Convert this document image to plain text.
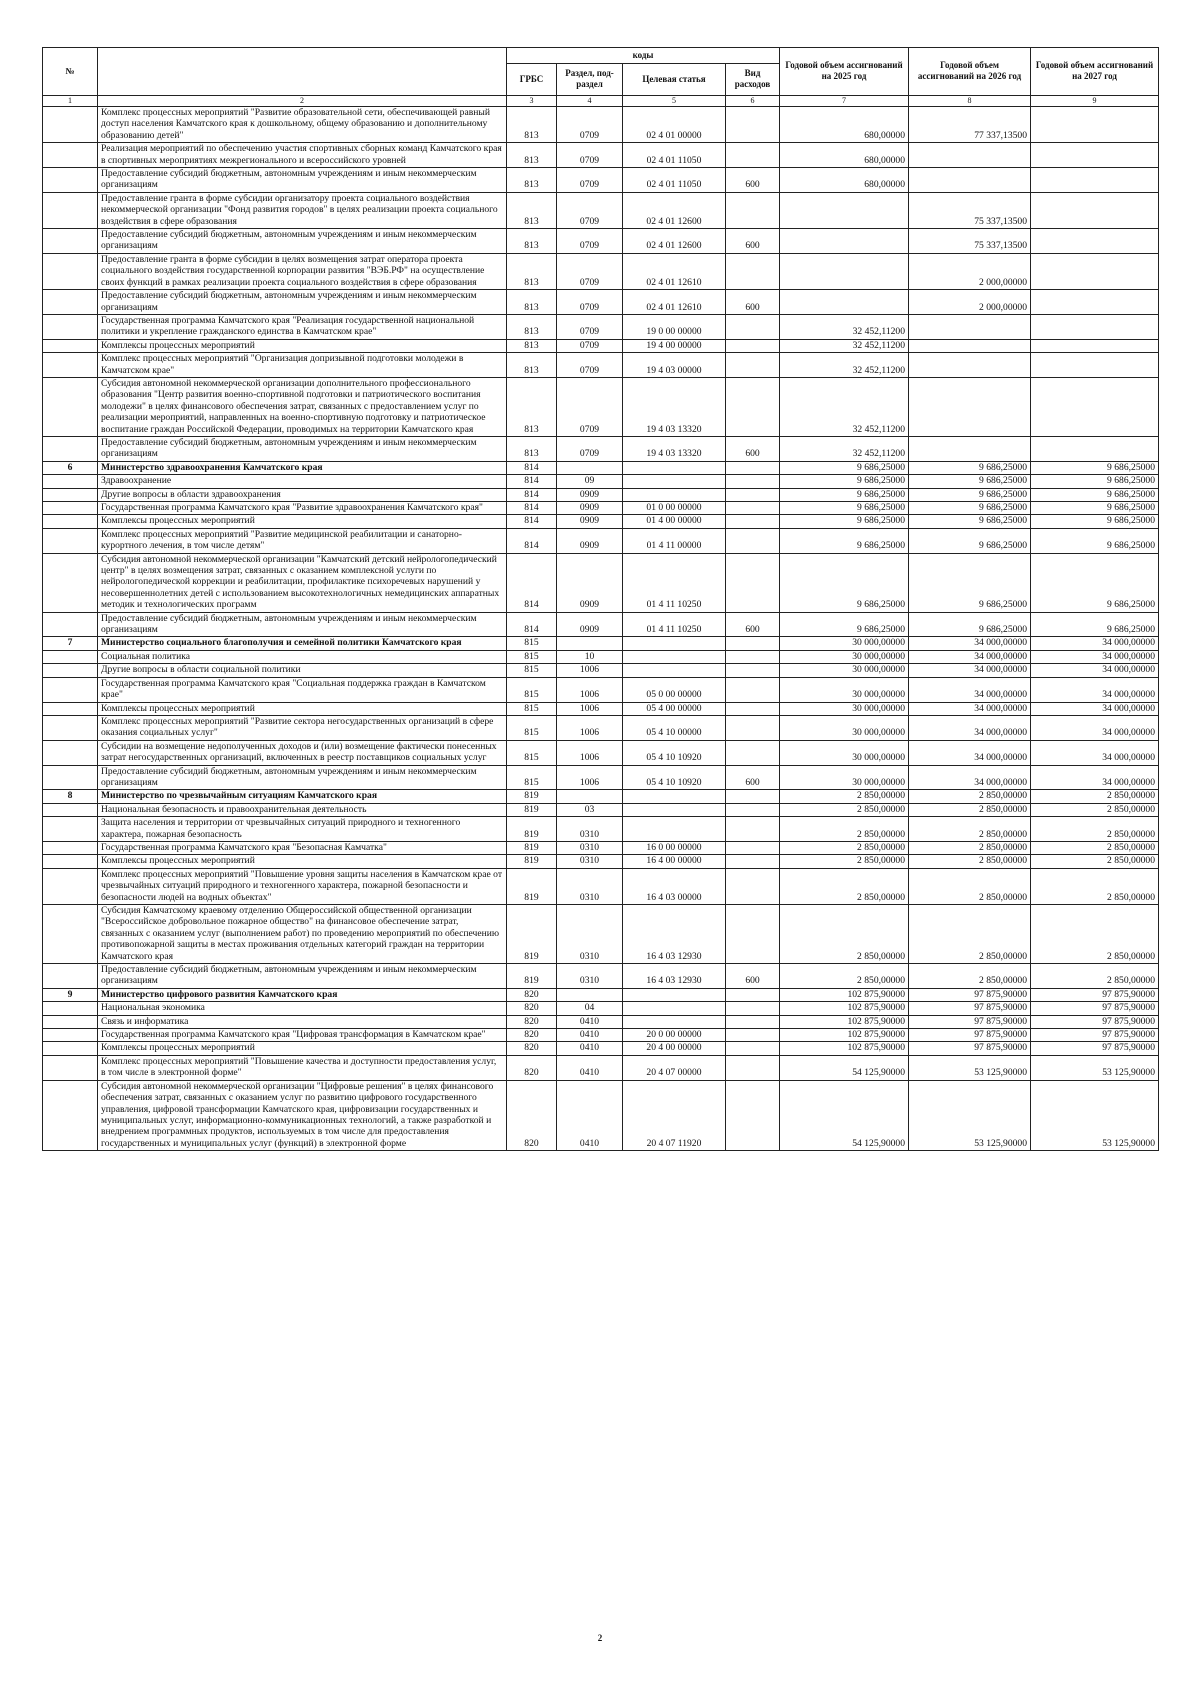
№		коды				Годовой объем ассигнований на 2025 год	Годовой объем ассигнований на 2026 год	Годовой объем ассигнований на 2027 год
		ГРБС	Раздел, под-раздел	Целевая статья	Вид расходов			
1	2	3	4	5	6	7	8	9
	Комплекс процессных мероприятий "Развитие образовательной сети, обеспечивающей равный доступ населения Камчатского края к дошкольному, общему образованию и дополнительному образованию детей"	813	0709	02 4 01 00000		680,00000	77 337,13500	
	Реализация мероприятий по обеспечению участия спортивных сборных команд Камчатского края в спортивных мероприятиях межрегионального и всероссийского уровней	813	0709	02 4 01 11050		680,00000		
	Предоставление субсидий бюджетным, автономным учреждениям и иным некоммерческим организациям	813	0709	02 4 01 11050	600	680,00000		
	Предоставление гранта в форме субсидии организатору проекта социального воздействия некоммерческой организации "Фонд развития городов" в целях реализации проекта социального воздействия в сфере образования	813	0709	02 4 01 12600			75 337,13500	
	Предоставление субсидий бюджетным, автономным учреждениям и иным некоммерческим организациям	813	0709	02 4 01 12600	600		75 337,13500	
	Предоставление гранта в форме субсидии в целях возмещения затрат оператора проекта социального воздействия государственной корпорации развития "ВЭБ.РФ" на осуществление своих функций в рамках реализации проекта социального воздействия в сфере образования	813	0709	02 4 01 12610			2 000,00000	
	Предоставление субсидий бюджетным, автономным учреждениям и иным некоммерческим организациям	813	0709	02 4 01 12610	600		2 000,00000	
	Государственная программа Камчатского края "Реализация государственной национальной политики и укрепление гражданского единства в Камчатском крае"	813	0709	19 0 00 00000		32 452,11200		
	Комплексы процессных мероприятий	813	0709	19 4 00 00000		32 452,11200		
	Комплекс процессных мероприятий "Организация допризывной подготовки молодежи в Камчатском крае"	813	0709	19 4 03 00000		32 452,11200		
	Субсидия автономной некоммерческой организации дополнительного профессионального образования "Центр развития военно-спортивной подготовки и патриотического воспитания молодежи" в целях финансового обеспечения затрат, связанных с предоставлением услуг по реализации мероприятий, направленных на военно-спортивную подготовку и патриотическое воспитание граждан Российской Федерации, проводимых на территории Камчатского края	813	0709	19 4 03 13320		32 452,11200		
	Предоставление субсидий бюджетным, автономным учреждениям и иным некоммерческим организациям	813	0709	19 4 03 13320	600	32 452,11200		
6	Министерство здравоохранения Камчатского края	814				9 686,25000	9 686,25000	9 686,25000
	Здравоохранение	814	09			9 686,25000	9 686,25000	9 686,25000
	Другие вопросы в области здравоохранения	814	0909			9 686,25000	9 686,25000	9 686,25000
	Государственная программа Камчатского края "Развитие здравоохранения Камчатского края"	814	0909	01 0 00 00000		9 686,25000	9 686,25000	9 686,25000
	Комплексы процессных мероприятий	814	0909	01 4 00 00000		9 686,25000	9 686,25000	9 686,25000
	Комплекс процессных мероприятий "Развитие медицинской реабилитации и санаторно-курортного лечения, в том числе детям"	814	0909	01 4 11 00000		9 686,25000	9 686,25000	9 686,25000
	Субсидия автономной некоммерческой организации "Камчатский детский нейрологопедический центр" в целях возмещения затрат, связанных с оказанием комплексной услуги по нейрологопедической коррекции и реабилитации, профилактике психоречевых нарушений у несовершеннолетних детей с использованием высокотехнологичных немедицинских аппаратных методик и технологических программ	814	0909	01 4 11 10250		9 686,25000	9 686,25000	9 686,25000
	Предоставление субсидий бюджетным, автономным учреждениям и иным некоммерческим организациям	814	0909	01 4 11 10250	600	9 686,25000	9 686,25000	9 686,25000
7	Министерство социального благополучия и семейной политики Камчатского края	815				30 000,00000	34 000,00000	34 000,00000
	Социальная политика	815	10			30 000,00000	34 000,00000	34 000,00000
	Другие вопросы в области социальной политики	815	1006			30 000,00000	34 000,00000	34 000,00000
	Государственная программа Камчатского края "Социальная поддержка граждан в Камчатском крае"	815	1006	05 0 00 00000		30 000,00000	34 000,00000	34 000,00000
	Комплексы процессных мероприятий	815	1006	05 4 00 00000		30 000,00000	34 000,00000	34 000,00000
	Комплекс процессных мероприятий "Развитие сектора негосударственных организаций в сфере оказания социальных услуг"	815	1006	05 4 10 00000		30 000,00000	34 000,00000	34 000,00000
	Субсидии на возмещение недополученных доходов и (или) возмещение фактически понесенных затрат негосударственных организаций, включенных в реестр поставщиков социальных услуг	815	1006	05 4 10 10920		30 000,00000	34 000,00000	34 000,00000
	Предоставление субсидий бюджетным, автономным учреждениям и иным некоммерческим организациям	815	1006	05 4 10 10920	600	30 000,00000	34 000,00000	34 000,00000
8	Министерство по чрезвычайным ситуациям Камчатского края	819				2 850,00000	2 850,00000	2 850,00000
	Национальная безопасность и правоохранительная деятельность	819	03			2 850,00000	2 850,00000	2 850,00000
	Защита населения и территории от чрезвычайных ситуаций природного и техногенного характера, пожарная безопасность	819	0310			2 850,00000	2 850,00000	2 850,00000
	Государственная программа Камчатского края "Безопасная Камчатка"	819	0310	16 0 00 00000		2 850,00000	2 850,00000	2 850,00000
	Комплексы процессных мероприятий	819	0310	16 4 00 00000		2 850,00000	2 850,00000	2 850,00000
	Комплекс процессных мероприятий "Повышение уровня защиты населения в Камчатском крае от чрезвычайных ситуаций природного и техногенного характера, пожарной безопасности и безопасности людей на водных объектах"	819	0310	16 4 03 00000		2 850,00000	2 850,00000	2 850,00000
	Субсидия Камчатскому краевому отделению Общероссийской общественной организации "Всероссийское добровольное пожарное общество" на финансовое обеспечение затрат, связанных с оказанием услуг (выполнением работ) по проведению мероприятий по обеспечению противопожарной защиты в местах проживания отдельных категорий граждан на территории Камчатского края	819	0310	16 4 03 12930		2 850,00000	2 850,00000	2 850,00000
	Предоставление субсидий бюджетным, автономным учреждениям и иным некоммерческим организациям	819	0310	16 4 03 12930	600	2 850,00000	2 850,00000	2 850,00000
9	Министерство цифрового развития Камчатского края	820				102 875,90000	97 875,90000	97 875,90000
	Национальная экономика	820	04			102 875,90000	97 875,90000	97 875,90000
	Связь и информатика	820	0410			102 875,90000	97 875,90000	97 875,90000
	Государственная программа Камчатского края "Цифровая трансформация в Камчатском крае"	820	0410	20 0 00 00000		102 875,90000	97 875,90000	97 875,90000
	Комплексы процессных мероприятий	820	0410	20 4 00 00000		102 875,90000	97 875,90000	97 875,90000
	Комплекс процессных мероприятий "Повышение качества и доступности предоставления услуг, в том числе в электронной форме"	820	0410	20 4 07 00000		54 125,90000	53 125,90000	53 125,90000
	Субсидия автономной некоммерческой организации "Цифровые решения" в целях финансового обеспечения затрат, связанных с оказанием услуг по развитию цифрового государственного управления, цифровой трансформации Камчатского края, цифровизации государственных и муниципальных услуг, информационно-коммуникационных технологий, а также разработкой и внедрением программных продуктов, используемых в том числе для предоставления государственных и муниципальных услуг (функций) в электронной форме	820	0410	20 4 07 11920		54 125,90000	53 125,90000	53 125,90000
2
